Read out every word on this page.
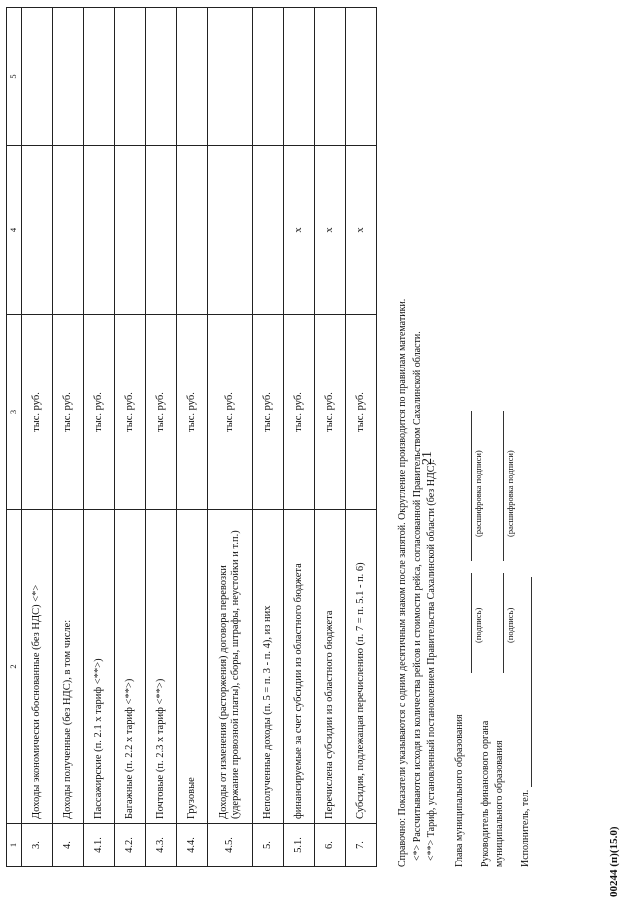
21
1	2	3	4	5
3.	Доходы экономически обоснованные (без НДС) <*>	тыс. руб.		
4.	Доходы полученные (без НДС), в том числе:	тыс. руб.		
4.1.	Пассажирские (п. 2.1 x тариф <**>)	тыс. руб.		
4.2.	Багажные (п. 2.2 x тариф <**>)	тыс. руб.		
4.3.	Почтовые (п. 2.3 x тариф <**>)	тыс. руб.		
4.4.	Грузовые	тыс. руб.		
4.5.	Доходы от изменения (расторжения) договора перевозки (удержание провозной платы), сборы, штрафы, неустойки и т.п.)	тыс. руб.		
5.	Неполученные доходы (п. 5 = п. 3 - п. 4), из них	тыс. руб.		
5.1.	финансируемые за счет субсидии из областного бюджета	тыс. руб.	x	
6.	Перечислена субсидии из областного бюджета	тыс. руб.	x	
7.	Субсидия, подлежащая перечислению (п. 7 = п. 5.1 - п. 6)	тыс. руб.	x	
Справочно: Показатели указываются с одним десятичным знаком после запятой. Округление производится по правилам математики. <*> Рассчитываются исходя из количества рейсов и стоимости рейса, согласованной Правительством Сахалинской области. <**> Тариф, установленный постановлением Правительства Сахалинской области (без НДС). Глава муниципального образования
(подпись)
(расшифровка подписи)
Руководитель финансового органа муниципального образования
(подпись)
(расшифровка подписи)
Исполнитель, тел.	00244 (п)(15.0)
